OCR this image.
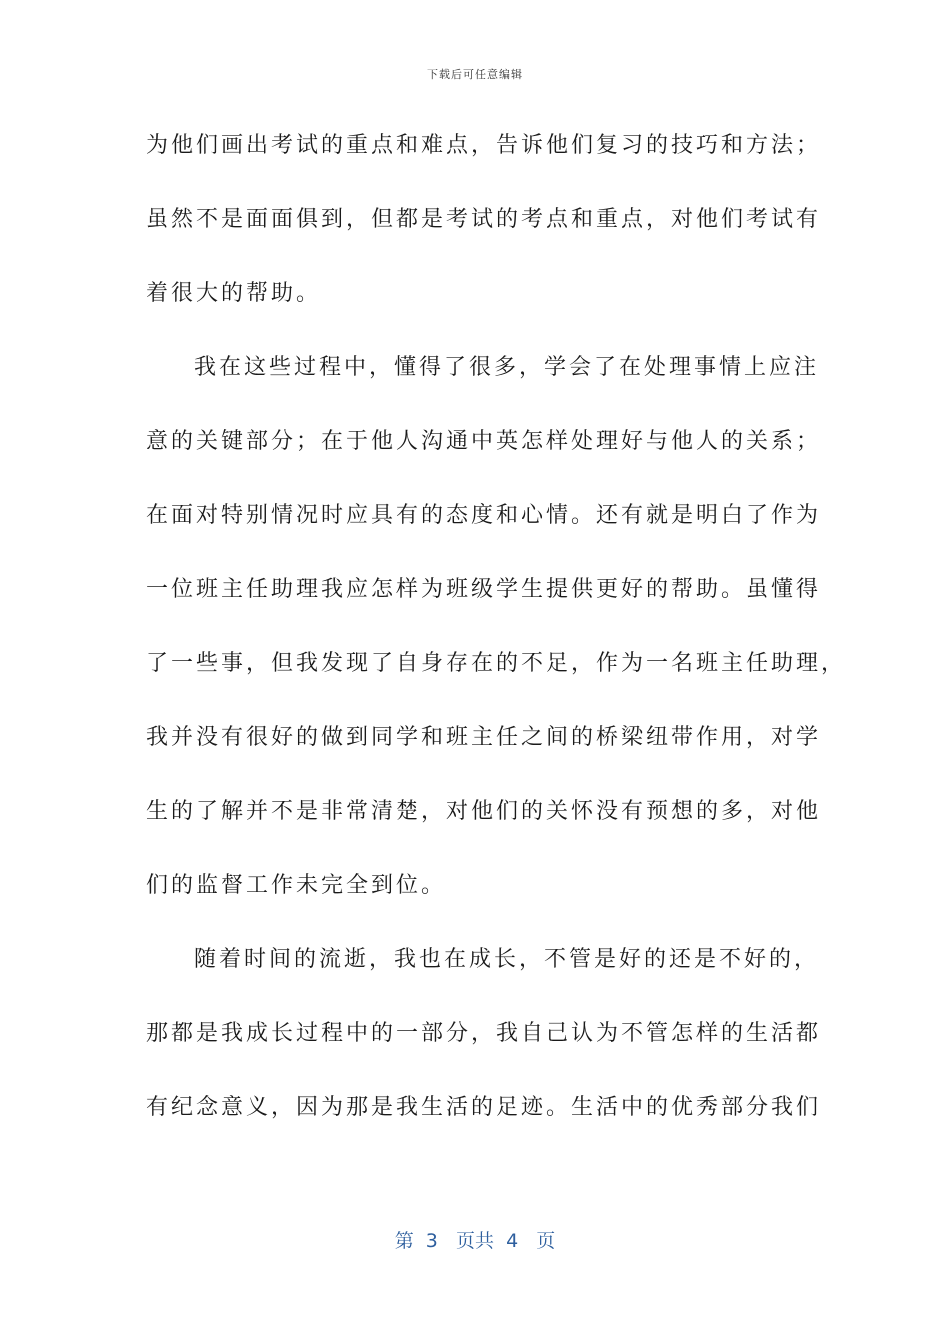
下载后可任意编辑
为他们画出考试的重点和难点，告诉他们复习的技巧和方法；
虽然不是面面俱到，但都是考试的考点和重点，对他们考试有
着很大的帮助。
我在这些过程中，懂得了很多，学会了在处理事情上应注
意的关键部分；在于他人沟通中英怎样处理好与他人的关系；
在面对特别情况时应具有的态度和心情。还有就是明白了作为
一位班主任助理我应怎样为班级学生提供更好的帮助。虽懂得
了一些事，但我发现了自身存在的不足，作为一名班主任助理，
我并没有很好的做到同学和班主任之间的桥梁纽带作用，对学
生的了解并不是非常清楚，对他们的关怀没有预想的多，对他
们的监督工作未完全到位。
随着时间的流逝，我也在成长，不管是好的还是不好的，
那都是我成长过程中的一部分，我自己认为不管怎样的生活都
有纪念意义，因为那是我生活的足迹。生活中的优秀部分我们
第  3   页共  4   页
